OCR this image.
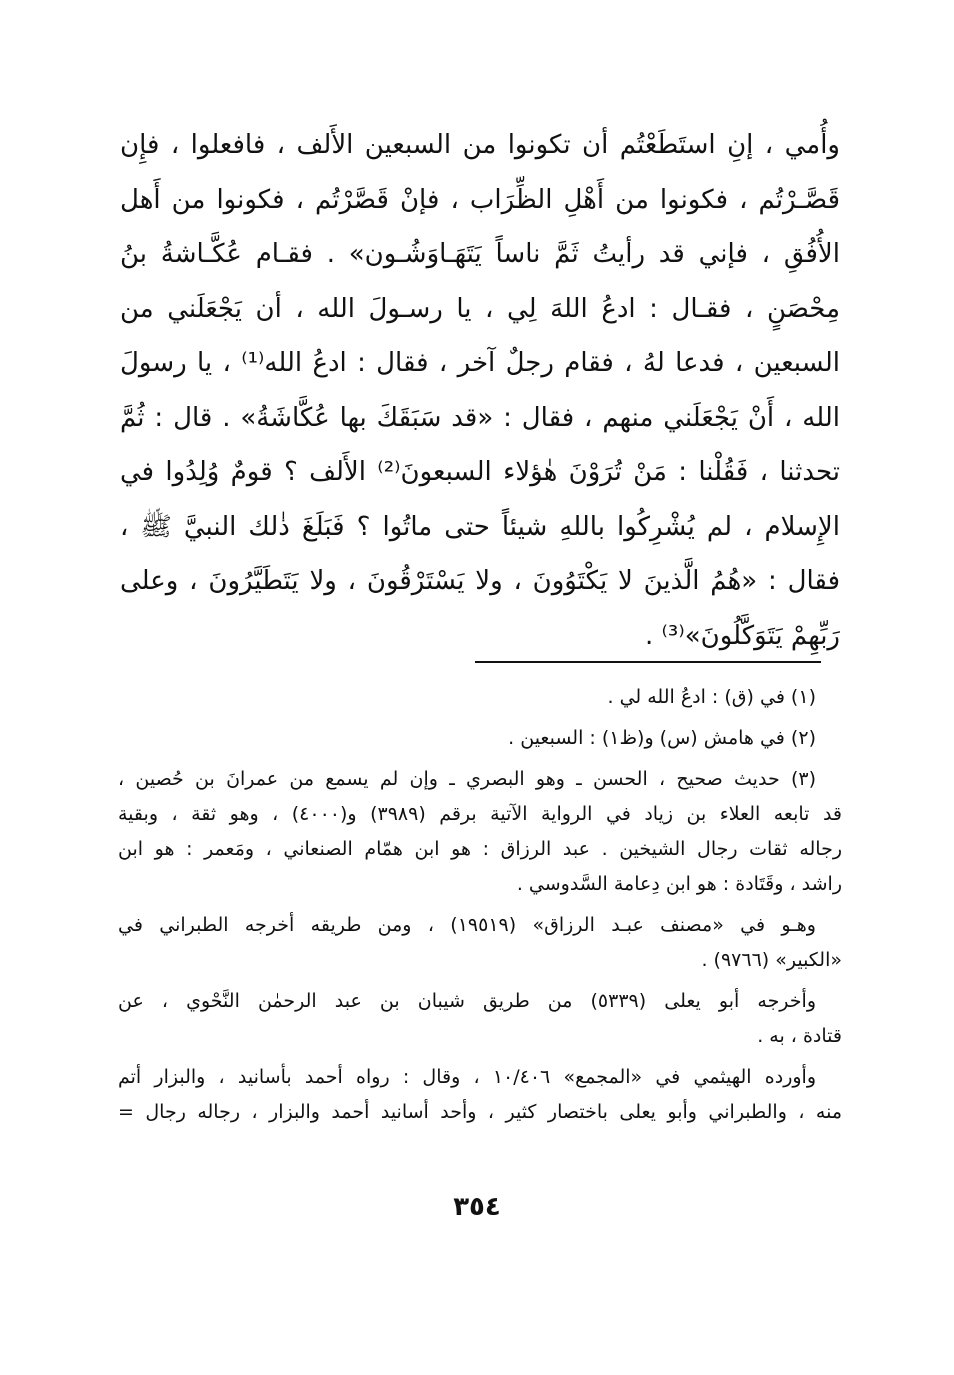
وأُمي ، إنِ استَطَعْتُم أن تكونوا من السبعين الأَلف ، فافعلوا ، فإِن
قَصَّـرْتُم ، فكونوا من أَهْلِ الظِّرَاب ، فإنْ قَصَّرْتُم ، فكونوا من أَهل
الأُفُقِ ، فإني قد رأيتُ ثَمَّ ناساً يَتَهَـاوَشُـون» . فقـام عُكَّـاشةُ بنُ
مِحْصَنٍ ، فقـال : ادعُ اللهَ لِي ، يا رسـولَ الله ، أن يَجْعَلَني من
السبعين ، فدعا لهُ ، فقام رجلٌ آخر ، فقال : ادعُ الله⁽¹⁾ ، يا رسولَ
الله ، أَنْ يَجْعَلَني منهم ، فقال : «قد سَبَقَكَ بها عُكَّاشَةُ» . قال : ثُمَّ
تحدثنا ، فَقُلْنا : مَنْ تُرَوْنَ هٰؤلاء السبعونَ⁽²⁾ الأَلف ؟ قومٌ وُلِدُوا في
الإِسلام ، لم يُشْرِكُوا باللهِ شيئاً حتى ماتُوا ؟ فَبَلَغَ ذٰلك النبيَّ ﷺ ،
فقال : «هُمُ الَّذينَ لا يَكْتَوُونَ ، ولا يَسْتَرْقُونَ ، ولا يَتَطَيَّرُونَ ، وعلى
رَبِّهِمْ يَتَوَكَّلُونَ»⁽³⁾ .
(١) في (ق) : ادعُ الله لي .
(٢) في هامش (س) و(ظ١) : السبعين .
(٣) حديث صحيح ، الحسن ـ وهو البصري ـ وإن لم يسمع من عمرانَ بن حُصين ،
قد تابعه العلاء بن زياد في الرواية الآتية برقم (٣٩٨٩) و(٤٠٠٠) ، وهو ثقة ، وبقية
رجاله ثقات رجال الشيخين . عبد الرزاق : هو ابن همّام الصنعاني ، ومَعمر : هو ابن
راشد ، وقَتَادة : هو ابن دِعامة السَّدوسي .
وهـو في «مصنف عبـد الرزاق» (١٩٥١٩) ، ومن طريقه أخرجه الطبراني في
«الكبير» (٩٧٦٦) .
وأخرجه أبو يعلى (٥٣٣٩) من طريق شيبان بن عبد الرحمٰن النَّحْوي ، عن
قتادة ، به .
وأورده الهيثمي في «المجمع» ١٠/٤٠٦ ، وقال : رواه أحمد بأسانيد ، والبزار أتم
منه ، والطبراني وأبو يعلى باختصار كثير ، وأحد أسانيد أحمد والبزار ، رجاله رجال =
٣٥٤
